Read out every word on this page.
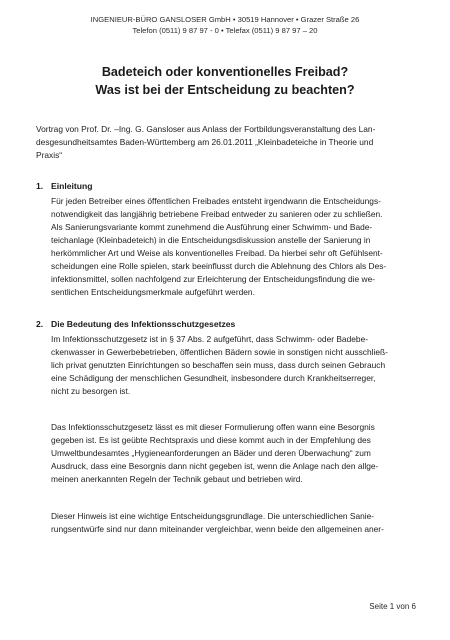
INGENIEUR-BÜRO GANSLOSER GmbH • 30519 Hannover • Grazer Straße 26
Telefon (0511) 9 87 97 - 0 • Telefax (0511) 9 87 97 – 20
Badeteich oder konventionelles Freibad?
Was ist bei der Entscheidung zu beachten?
Vortrag von Prof. Dr. –Ing. G. Gansloser aus Anlass der Fortbildungsveranstaltung des Lan-
desgesundheitsamtes Baden-Württemberg am 26.01.2011 „Kleinbadeteiche in Theorie und
Praxis“
1. Einleitung
Für jeden Betreiber eines öffentlichen Freibades entsteht irgendwann die Entscheidungs-
notwendigkeit das langjährig betriebene Freibad entweder zu sanieren oder zu schließen.
Als Sanierungsvariante kommt zunehmend die Ausführung einer Schwimm- und Bade-
teichanlage (Kleinbadeteich) in die Entscheidungsdiskussion anstelle der Sanierung in
herkömmlicher Art und Weise als konventionelles Freibad. Da hierbei sehr oft Gefühlsent-
scheidungen eine Rolle spielen, stark beeinflusst durch die Ablehnung des Chlors als Des-
infektionsmittel, sollen nachfolgend zur Erleichterung der Entscheidungsfindung die we-
sentlichen Entscheidungsmerkmale aufgeführt werden.
2. Die Bedeutung des Infektionsschutzgesetzes
Im Infektionsschutzgesetz ist in § 37 Abs. 2 aufgeführt, dass Schwimm- oder Badebe-
ckenwasser in Gewerbebetrieben, öffentlichen Bädern sowie in sonstigen nicht ausschließ-
lich privat genutzten Einrichtungen so beschaffen sein muss, dass durch seinen Gebrauch
eine Schädigung der menschlichen Gesundheit, insbesondere durch Krankheitserreger,
nicht zu besorgen ist.
Das Infektionsschutzgesetz lässt es mit dieser Formulierung offen wann eine Besorgnis
gegeben ist. Es ist geübte Rechtspraxis und diese kommt auch in der Empfehlung des
Umweltbundesamtes „Hygieneanforderungen an Bäder und deren Überwachung“ zum
Ausdruck, dass eine Besorgnis dann nicht gegeben ist, wenn die Anlage nach den allge-
meinen anerkannten Regeln der Technik gebaut und betrieben wird.
Dieser Hinweis ist eine wichtige Entscheidungsgrundlage. Die unterschiedlichen Sanie-
rungsentwürfe sind nur dann miteinander vergleichbar, wenn beide den allgemeinen aner-
Seite 1 von 6
